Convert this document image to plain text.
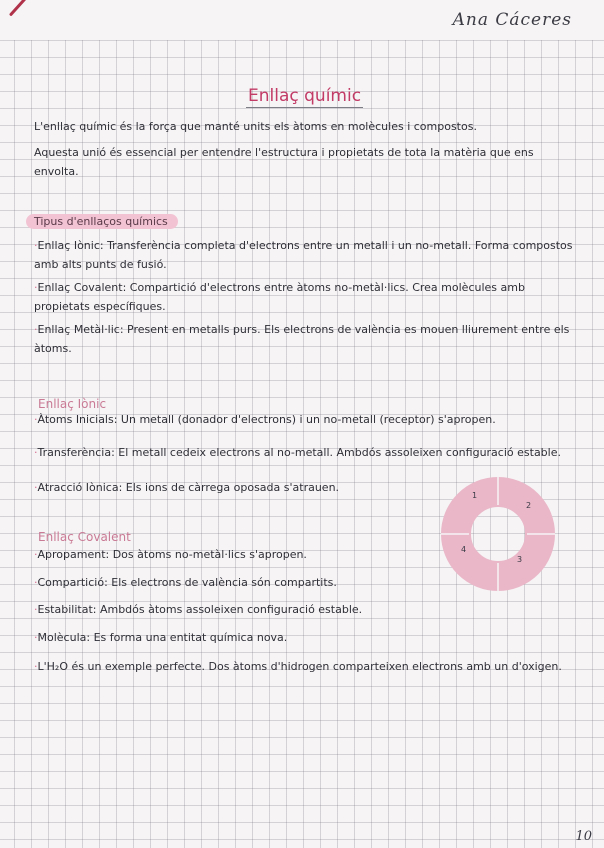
Ana Cáceres
Enllaç químic

L'enllaç químic és la força que manté units els àtoms en molècules i compostos.

Aquesta unió és essencial per entendre l'estructura i propietats de tota la matèria que ens

envolta.

Tipus d'enllaços químics

·Enllaç Iònic: Transferència completa d'electrons entre un metall i un no-metall. Forma compostos

amb alts punts de fusió.

·Enllaç Covalent: Compartició d'electrons entre àtoms no-metàl·lics. Crea molècules amb

propietats específiques.

·Enllaç Metàl·lic: Present en metalls purs. Els electrons de valència es mouen lliurement entre els

àtoms.

Enllaç Iònic

·Àtoms Inicials: Un metall (donador d'electrons) i un no-metall (receptor) s'apropen.

·Transferència: El metall cedeix electrons al no-metall. Ambdós assoleixen configuració estable.

·Atracció Iònica: Els ions de càrrega oposada s'atrauen.

Enllaç Covalent

·Apropament: Dos àtoms no-metàl·lics s'apropen.

·Compartició: Els electrons de valència són compartits.

·Estabilitat: Ambdós àtoms assoleixen configuració estable.

·Molècula: Es forma una entitat química nova.

·L'H₂O és un exemple perfecte. Dos àtoms d'hidrogen comparteixen electrons amb un d'oxigen.

1
2
3
4
10
